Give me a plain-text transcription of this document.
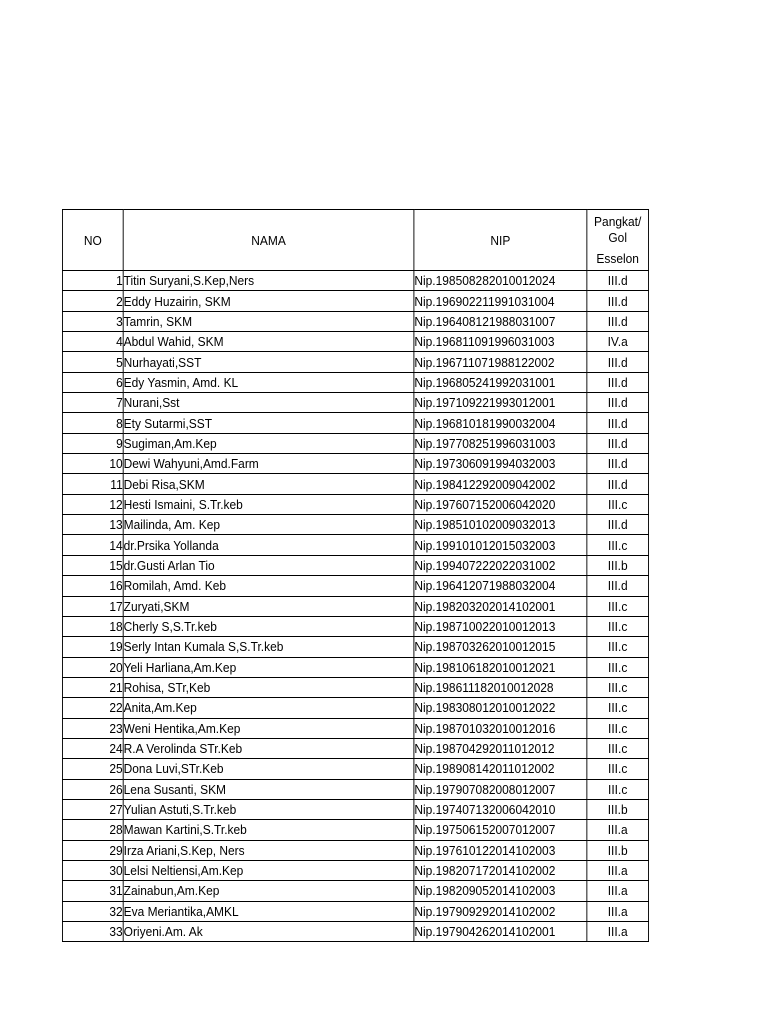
NO	NAMA	NIP	Pangkat/
Gol
Esselon

1	Titin Suryani,S.Kep,Ners	Nip.198508282010012024	III.d
2	Eddy Huzairin, SKM	Nip.196902211991031004	III.d
3	Tamrin, SKM	Nip.196408121988031007	III.d
4	Abdul Wahid, SKM	Nip.196811091996031003	IV.a
5	Nurhayati,SST	Nip.196711071988122002	III.d
6	Edy Yasmin, Amd. KL	Nip.196805241992031001	III.d
7	Nurani,Sst	Nip.197109221993012001	III.d
8	Ety Sutarmi,SST	Nip.196810181990032004	III.d
9	Sugiman,Am.Kep	Nip.197708251996031003	III.d
10	Dewi Wahyuni,Amd.Farm	Nip.197306091994032003	III.d
11	Debi Risa,SKM	Nip.198412292009042002	III.d
12	Hesti Ismaini, S.Tr.keb	Nip.197607152006042020	III.c
13	Mailinda, Am. Kep	Nip.198510102009032013	III.d
14	dr.Prsika Yollanda	Nip.199101012015032003	III.c
15	dr.Gusti Arlan Tio	Nip.199407222022031002	III.b
16	Romilah, Amd. Keb	Nip.196412071988032004	III.d
17	Zuryati,SKM	Nip.198203202014102001	III.c
18	Cherly S,S.Tr.keb	Nip.198710022010012013	III.c
19	Serly Intan Kumala S,S.Tr.keb	Nip.198703262010012015	III.c
20	Yeli Harliana,Am.Kep	Nip.198106182010012021	III.c
21	Rohisa, STr,Keb	Nip.198611182010012028	III.c
22	Anita,Am.Kep	Nip.198308012010012022	III.c
23	Weni Hentika,Am.Kep	Nip.198701032010012016	III.c
24	R.A Verolinda STr.Keb	Nip.198704292011012012	III.c
25	Dona Luvi,STr.Keb	Nip.198908142011012002	III.c
26	Lena Susanti, SKM	Nip.197907082008012007	III.c
27	Yulian Astuti,S.Tr.keb	Nip.197407132006042010	III.b
28	Mawan Kartini,S.Tr.keb	Nip.197506152007012007	III.a
29	Irza Ariani,S.Kep, Ners	Nip.197610122014102003	III.b
30	Lelsi Neltiensi,Am.Kep	Nip.198207172014102002	III.a
31	Zainabun,Am.Kep	Nip.198209052014102003	III.a
32	Eva Meriantika,AMKL	Nip.197909292014102002	III.a
33	Oriyeni.Am. Ak	Nip.197904262014102001	III.a
